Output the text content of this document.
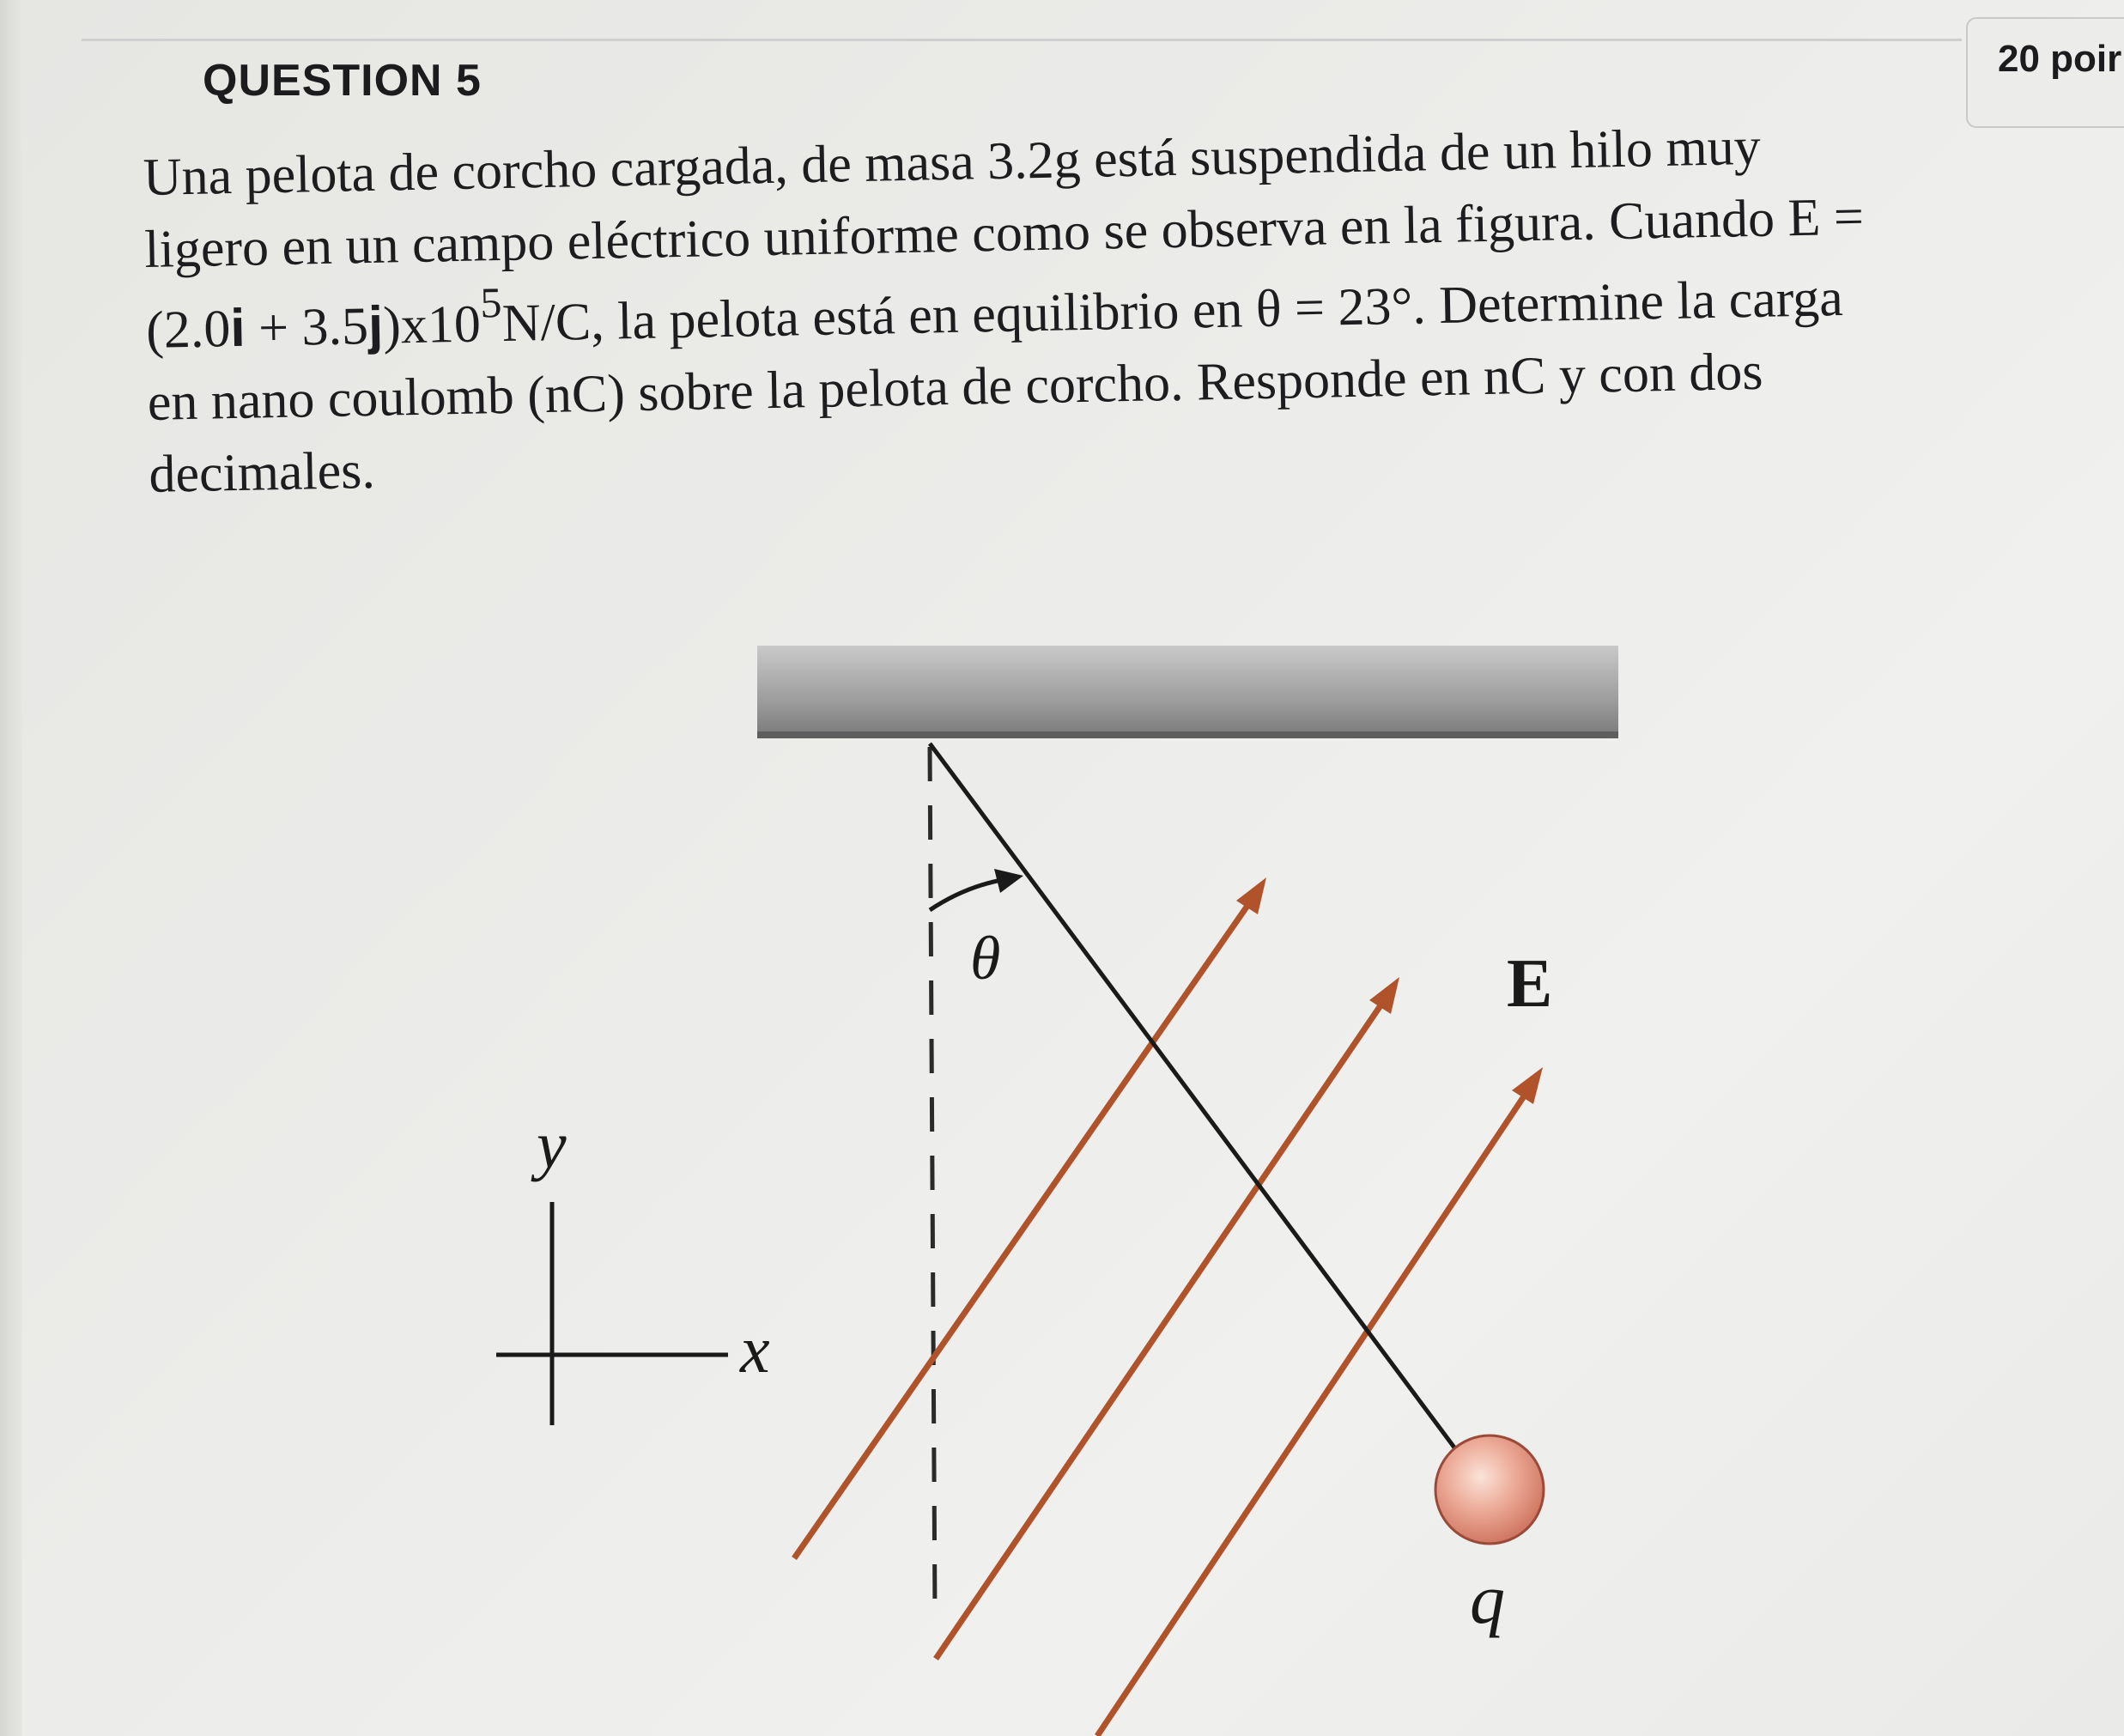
QUESTION 5	20 poir
Una pelota de corcho cargada, de masa 3.2g está suspendida de un hilo muy
ligero en un campo eléctrico uniforme como se observa en la figura. Cuando E =
$(2.0i + 3.5j)x10^5N/C$, la pelota está en equilibrio en θ = 23°. Determine la carga
en nano coulomb (nC) sobre la pelota de corcho. Responde en nC y con dos
decimales.
θ	E
y
x
q
